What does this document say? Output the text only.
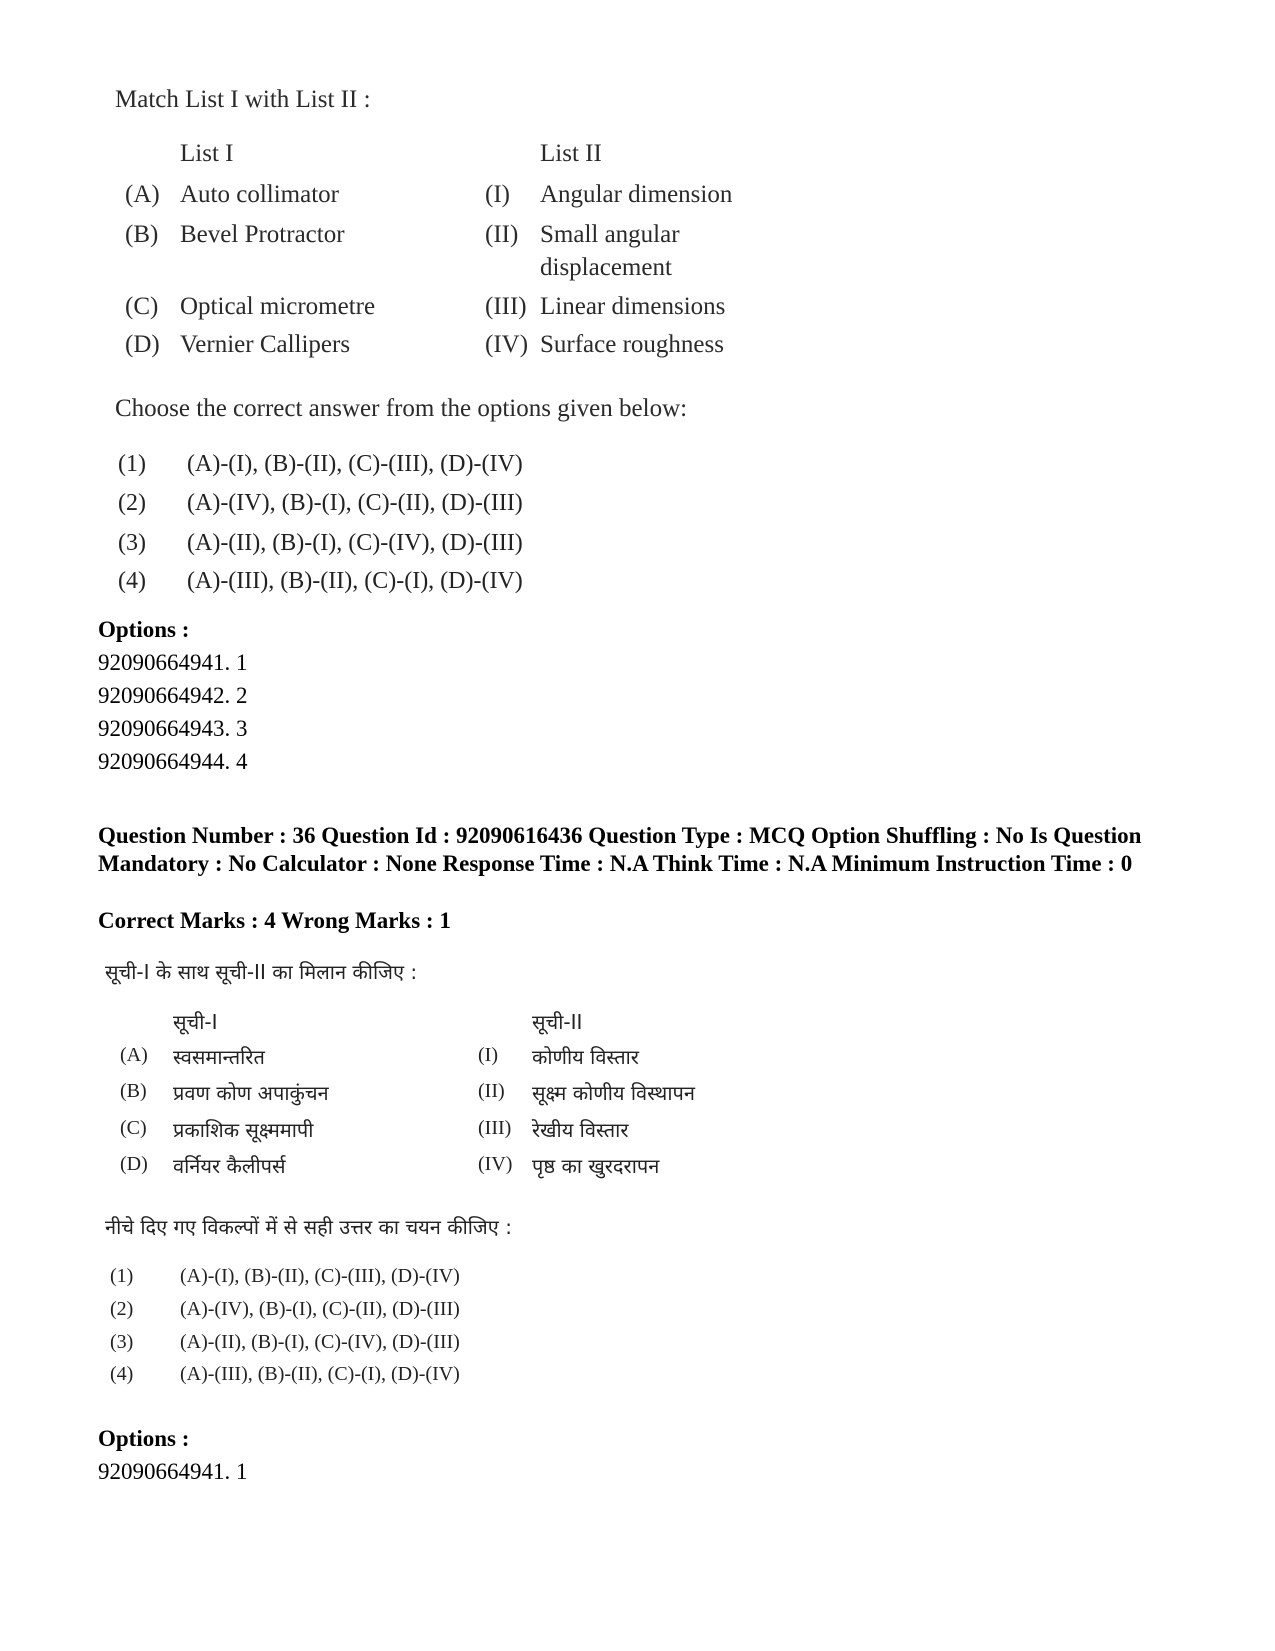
Match List I with List II :
List I	List II
(A) Auto collimator	(I) Angular dimension
(B) Bevel Protractor	(II) Small angular
displacement
(C) Optical micrometre	(III) Linear dimensions
(D) Vernier Callipers	(IV) Surface roughness
Choose the correct answer from the options given below:
(1) (A)-(I), (B)-(II), (C)-(III), (D)-(IV)
(2) (A)-(IV), (B)-(I), (C)-(II), (D)-(III)
(3) (A)-(II), (B)-(I), (C)-(IV), (D)-(III)
(4) (A)-(III), (B)-(II), (C)-(I), (D)-(IV)
Options :
92090664941. 1
92090664942. 2
92090664943. 3
92090664944. 4
Question Number : 36 Question Id : 92090616436 Question Type : MCQ Option Shuffling : No Is Question Mandatory : No Calculator : None Response Time : N.A Think Time : N.A Minimum Instruction Time : 0
Correct Marks : 4 Wrong Marks : 1
सूची-I के साथ सूची-II का मिलान कीजिए :
सूची-I	सूची-II
(A) स्वसमान्तरित	(I) कोणीय विस्तार
(B) प्रवण कोण अपाकुंचन	(II) सूक्ष्म कोणीय विस्थापन
(C) प्रकाशिक सूक्ष्ममापी	(III) रेखीय विस्तार
(D) वर्नियर कैलीपर्स	(IV) पृष्ठ का खुरदरापन
नीचे दिए गए विकल्पों में से सही उत्तर का चयन कीजिए :
(1) (A)-(I), (B)-(II), (C)-(III), (D)-(IV)
(2) (A)-(IV), (B)-(I), (C)-(II), (D)-(III)
(3) (A)-(II), (B)-(I), (C)-(IV), (D)-(III)
(4) (A)-(III), (B)-(II), (C)-(I), (D)-(IV)
Options :
92090664941. 1
